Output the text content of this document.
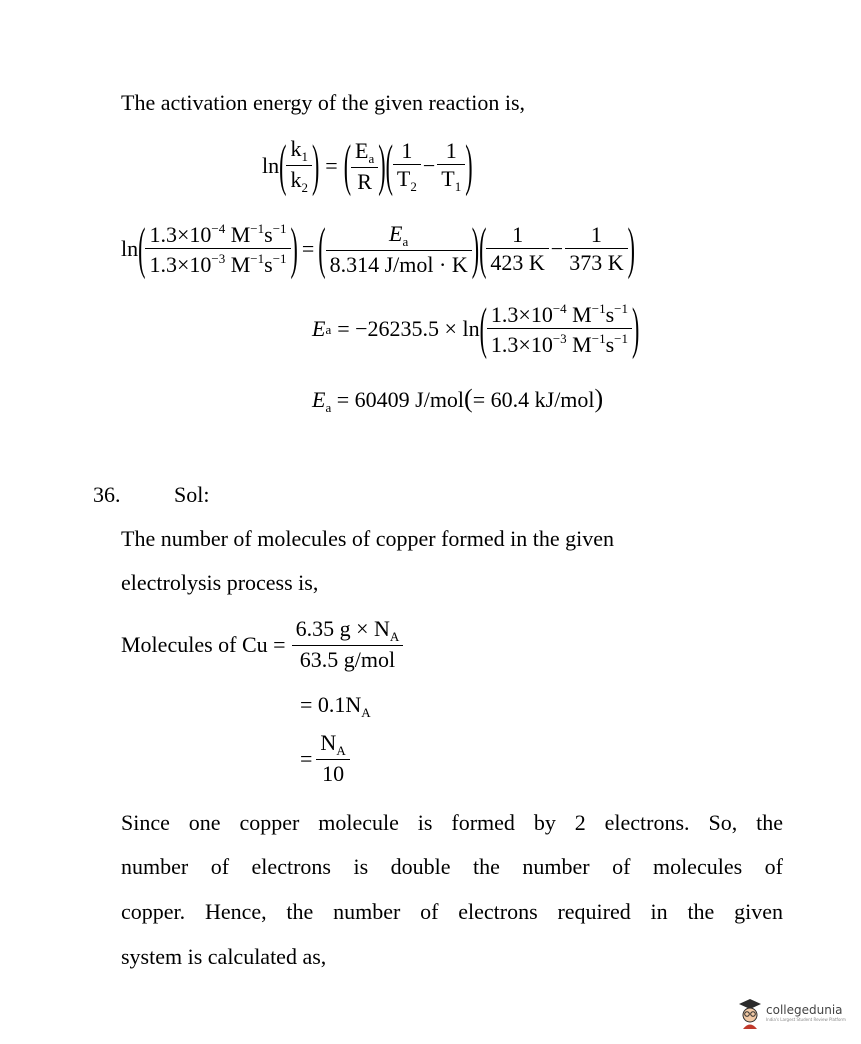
The activation energy of the given reaction is,
ln ( $\frac{k_1}{k_2}$ ) = ( $\frac{E_a}{R}$ ) ( $\frac{1}{T_2} - \frac{1}{T_1}$ )
ln ( $\frac{1.3\times 10^{-4} M^{-1}s^{-1}}{1.3\times 10^{-3} M^{-1}s^{-1}}$ ) = ( $\frac{E_a}{\text{8.314 J/mol · K}}$ ) ( $\frac{1}{423 K} - \frac{1}{373 K}$ )
E a = −26235.5 × ln ( $\frac{1.3\times 10^{-4} M^{-1}s^{-1}}{1.3\times 10^{-3} M^{-1}s^{-1}}$ )
$E_a = 60409$ J/mol(= 60.4 kJ/mol)
36. Sol:
The number of molecules of copper formed in the given
electrolysis process is,
Molecules of $Cu = \frac{6.35 g \times N_A}{\text{63.5 g/mol}}$
= $0.1N_A$
= $\frac{N_A}{10}$
Since one copper molecule is formed by 2 electrons. So, the
number of electrons is double the number of molecules of
copper. Hence, the number of electrons required in the given
system is calculated as,
collegedunia
India's Largest Student Review Platform
